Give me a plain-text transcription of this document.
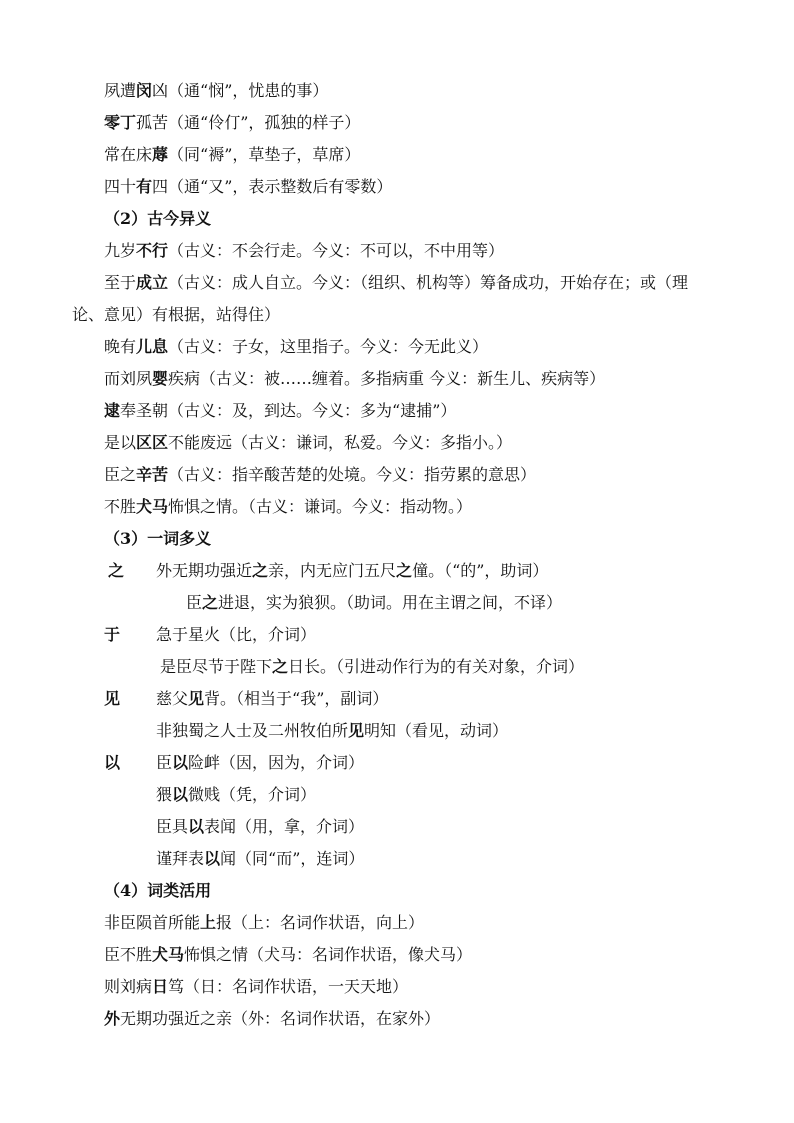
夙遭闵凶（通“悯”，忧患的事）
零丁孤苦（通“伶仃”，孤独的样子）
常在床蓐（同“褥”，草垫子，草席）
四十有四（通“又”，表示整数后有零数）
（2）古今异义
九岁不行（古义：不会行走。今义：不可以，不中用等）
至于成立（古义：成人自立。今义：（组织、机构等）筹备成功，开始存在；或（理
论、意见）有根据，站得住）
晚有儿息（古义：子女，这里指子。今义：今无此义）
而刘夙婴疾病（古义：被……缠着。多指病重 今义：新生儿、疾病等）
逮奉圣朝（古义：及，到达。今义：多为“逮捕”）
是以区区不能废远（古义：谦词，私爱。今义：多指小。）
臣之辛苦（古义：指辛酸苦楚的处境。今义：指劳累的意思）
不胜犬马怖惧之情。（古义：谦词。今义：指动物。）
（3）一词多义
之 外无期功强近之亲，内无应门五尺之僮。（“的”，助词）
臣之进退，实为狼狈。（助词。用在主谓之间，不译）
于 急于星火（比，介词）
是臣尽节于陛下之日长。（引进动作行为的有关对象，介词）
见 慈父见背。（相当于“我”，副词）
非独蜀之人士及二州牧伯所见明知（看见，动词）
以 臣以险衅（因，因为，介词）
猥以微贱（凭，介词）
臣具以表闻（用，拿，介词）
谨拜表以闻（同“而”，连词）
（4）词类活用
非臣陨首所能上报（上：名词作状语，向上）
臣不胜犬马怖惧之情（犬马：名词作状语，像犬马）
则刘病日笃（日：名词作状语，一天天地）
外无期功强近之亲（外：名词作状语，在家外）
